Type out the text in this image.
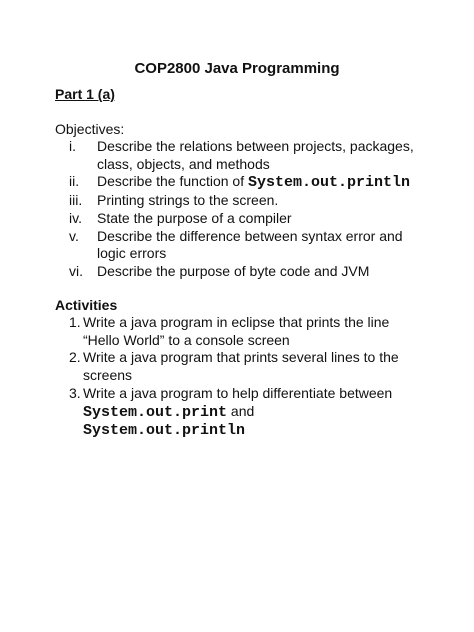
COP2800 Java Programming
Part 1 (a)
Objectives:
i. Describe the relations between projects, packages, class, objects, and methods
ii. Describe the function of System.out.println
iii. Printing strings to the screen.
iv. State the purpose of a compiler
v. Describe the difference between syntax error and logic errors
vi. Describe the purpose of byte code and JVM
Activities
1. Write a java program in eclipse that prints the line “Hello World” to a console screen
2. Write a java program that prints several lines to the screens
3. Write a java program to help differentiate between
System.out.print and System.out.println
